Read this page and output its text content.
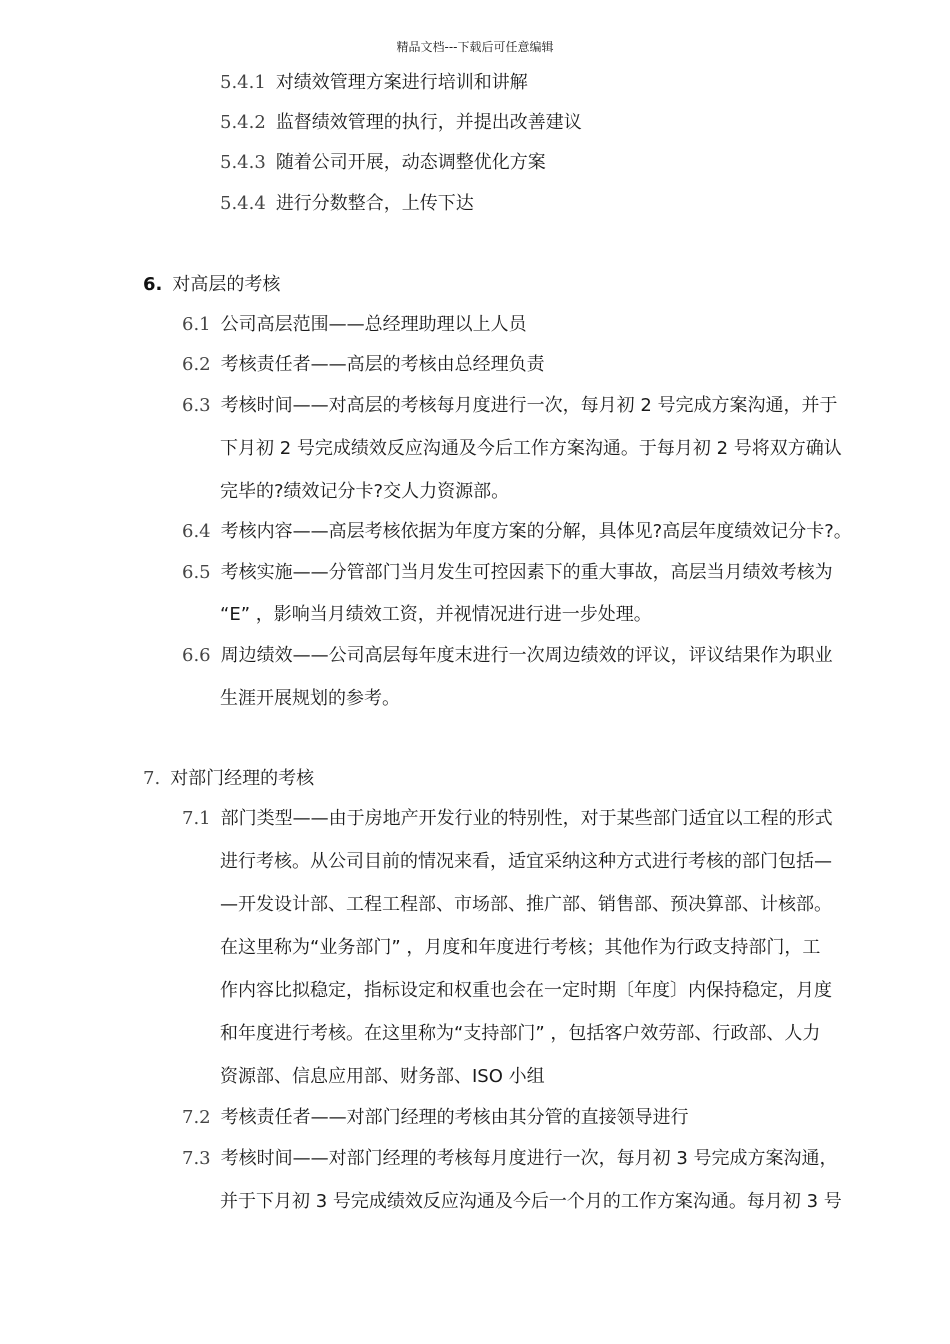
精品文档---下载后可任意编辑
5.4.1 对绩效管理方案进行培训和讲解
5.4.2 监督绩效管理的执行，并提出改善建议
5.4.3 随着公司开展，动态调整优化方案
5.4.4 进行分数整合，上传下达
6. 对高层的考核
6.1 公司高层范围——总经理助理以上人员
6.2 考核责任者——高层的考核由总经理负责
6.3 考核时间——对高层的考核每月度进行一次，每月初 2 号完成方案沟通，并于
下月初 2 号完成绩效反应沟通及今后工作方案沟通。于每月初 2 号将双方确认
完毕的?绩效记分卡?交人力资源部。
6.4 考核内容——高层考核依据为年度方案的分解，具体见?高层年度绩效记分卡?。
6.5 考核实施——分管部门当月发生可控因素下的重大事故，高层当月绩效考核为
“E” ，影响当月绩效工资，并视情况进行进一步处理。
6.6 周边绩效——公司高层每年度末进行一次周边绩效的评议，评议结果作为职业
生涯开展规划的参考。
7. 对部门经理的考核
7.1 部门类型——由于房地产开发行业的特别性，对于某些部门适宜以工程的形式
进行考核。从公司目前的情况来看，适宜采纳这种方式进行考核的部门包括—
—开发设计部、工程工程部、市场部、推广部、销售部、预决算部、计核部。
在这里称为“业务部门” ，月度和年度进行考核；其他作为行政支持部门，工
作内容比拟稳定，指标设定和权重也会在一定时期〔年度〕内保持稳定，月度
和年度进行考核。在这里称为“支持部门” ，包括客户效劳部、行政部、人力
资源部、信息应用部、财务部、ISO 小组
7.2 考核责任者——对部门经理的考核由其分管的直接领导进行
7.3 考核时间——对部门经理的考核每月度进行一次，每月初 3 号完成方案沟通，
并于下月初 3 号完成绩效反应沟通及今后一个月的工作方案沟通。每月初 3 号
